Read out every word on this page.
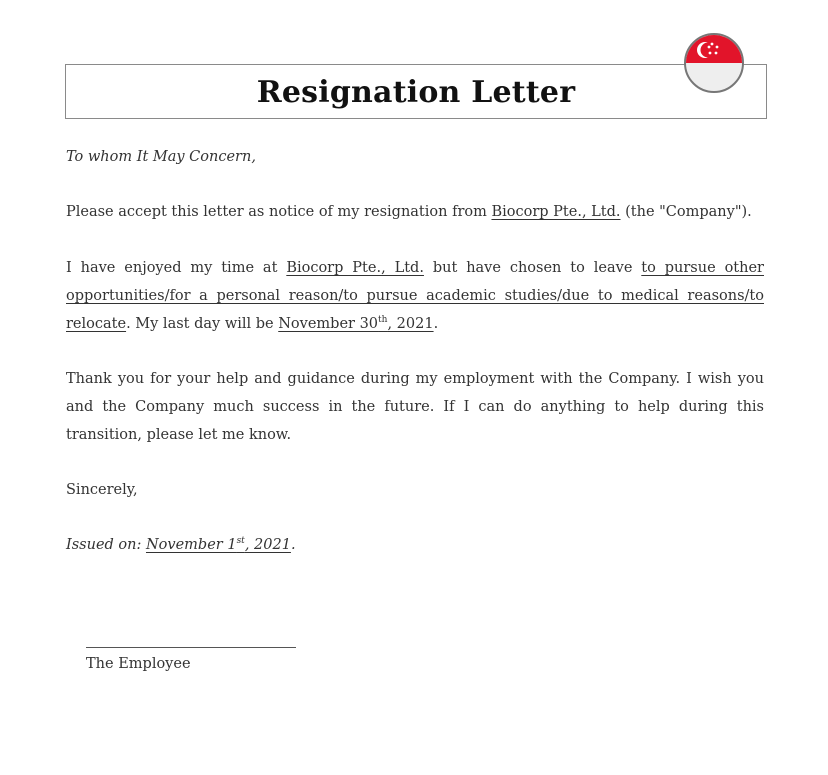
Resignation Letter

To whom It May Concern,

Please accept this letter as notice of my resignation from Biocorp Pte., Ltd. (the "Company").

I have enjoyed my time at Biocorp Pte., Ltd. but have chosen to leave to pursue other opportunities/for a personal reason/to pursue academic studies/due to medical reasons/to relocate. My last day will be November 30th, 2021.

Thank you for your help and guidance during my employment with the Company. I wish you and the Company much success in the future. If I can do anything to help during this transition, please let me know.

Sincerely,

Issued on: November 1st, 2021.

The Employee
